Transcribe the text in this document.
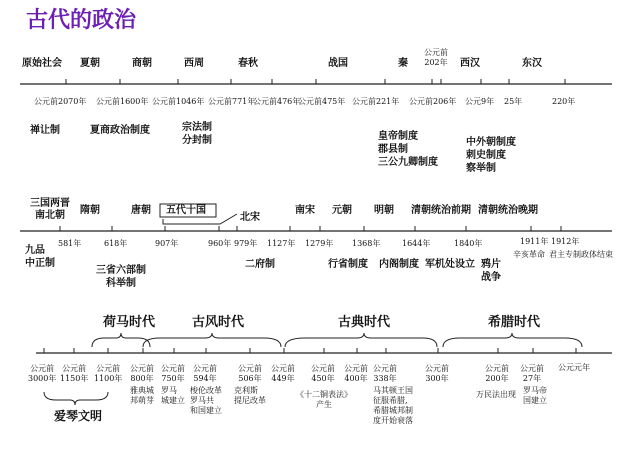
古代的政治
原始社会 夏朝	商朝	西周	春秋	战国	秦	西汉	东汉
公元前
202年
公元前2070年 公元前1600年 公元前1046年 公元前771年
公元前476年
公元前475年 公元前221年 公元前206年 公元9年 25年	220年
禅让制	夏商政治制度	宗法制
分封制	皇帝制度
郡县制
三公九卿制度
中外朝制度
刺史制度
察举制
三国两晋
南北朝	隋朝	唐朝 五代十国
北宋
南宋 元朝 明朝 清朝统治前期 清朝统治晚期
581年	618年	907年	960年 979年 1127年 1279年 1368年	1644年	1840年	1911年 1912年
九品
中正制
三省六部制
科举制
二府制	行省制度 内阁制度 军机处设立 鸦片
战争
辛亥革命 君主专制政体结束
荷马时代	古风时代	古典时代	希腊时代
公元前
3000年
公元前
1150年
公元前
1100年
公元前
800年
公元前
750年
公元前
594年
公元前
506年
公元前
449年
公元前
450年
公元前
400年
公元前
338年
公元前
300年
公元前
200年
公元前
27年
公元元年
雅典城
邦萌芽
罗马
城建立
梭伦改革
罗马共
和国建立
克利斯
提尼改革
《十二铜表法》
产生
马其顿王国
征服希腊,
希腊城邦制
度开始衰落
万民法出现 罗马帝
国建立
爱琴文明
